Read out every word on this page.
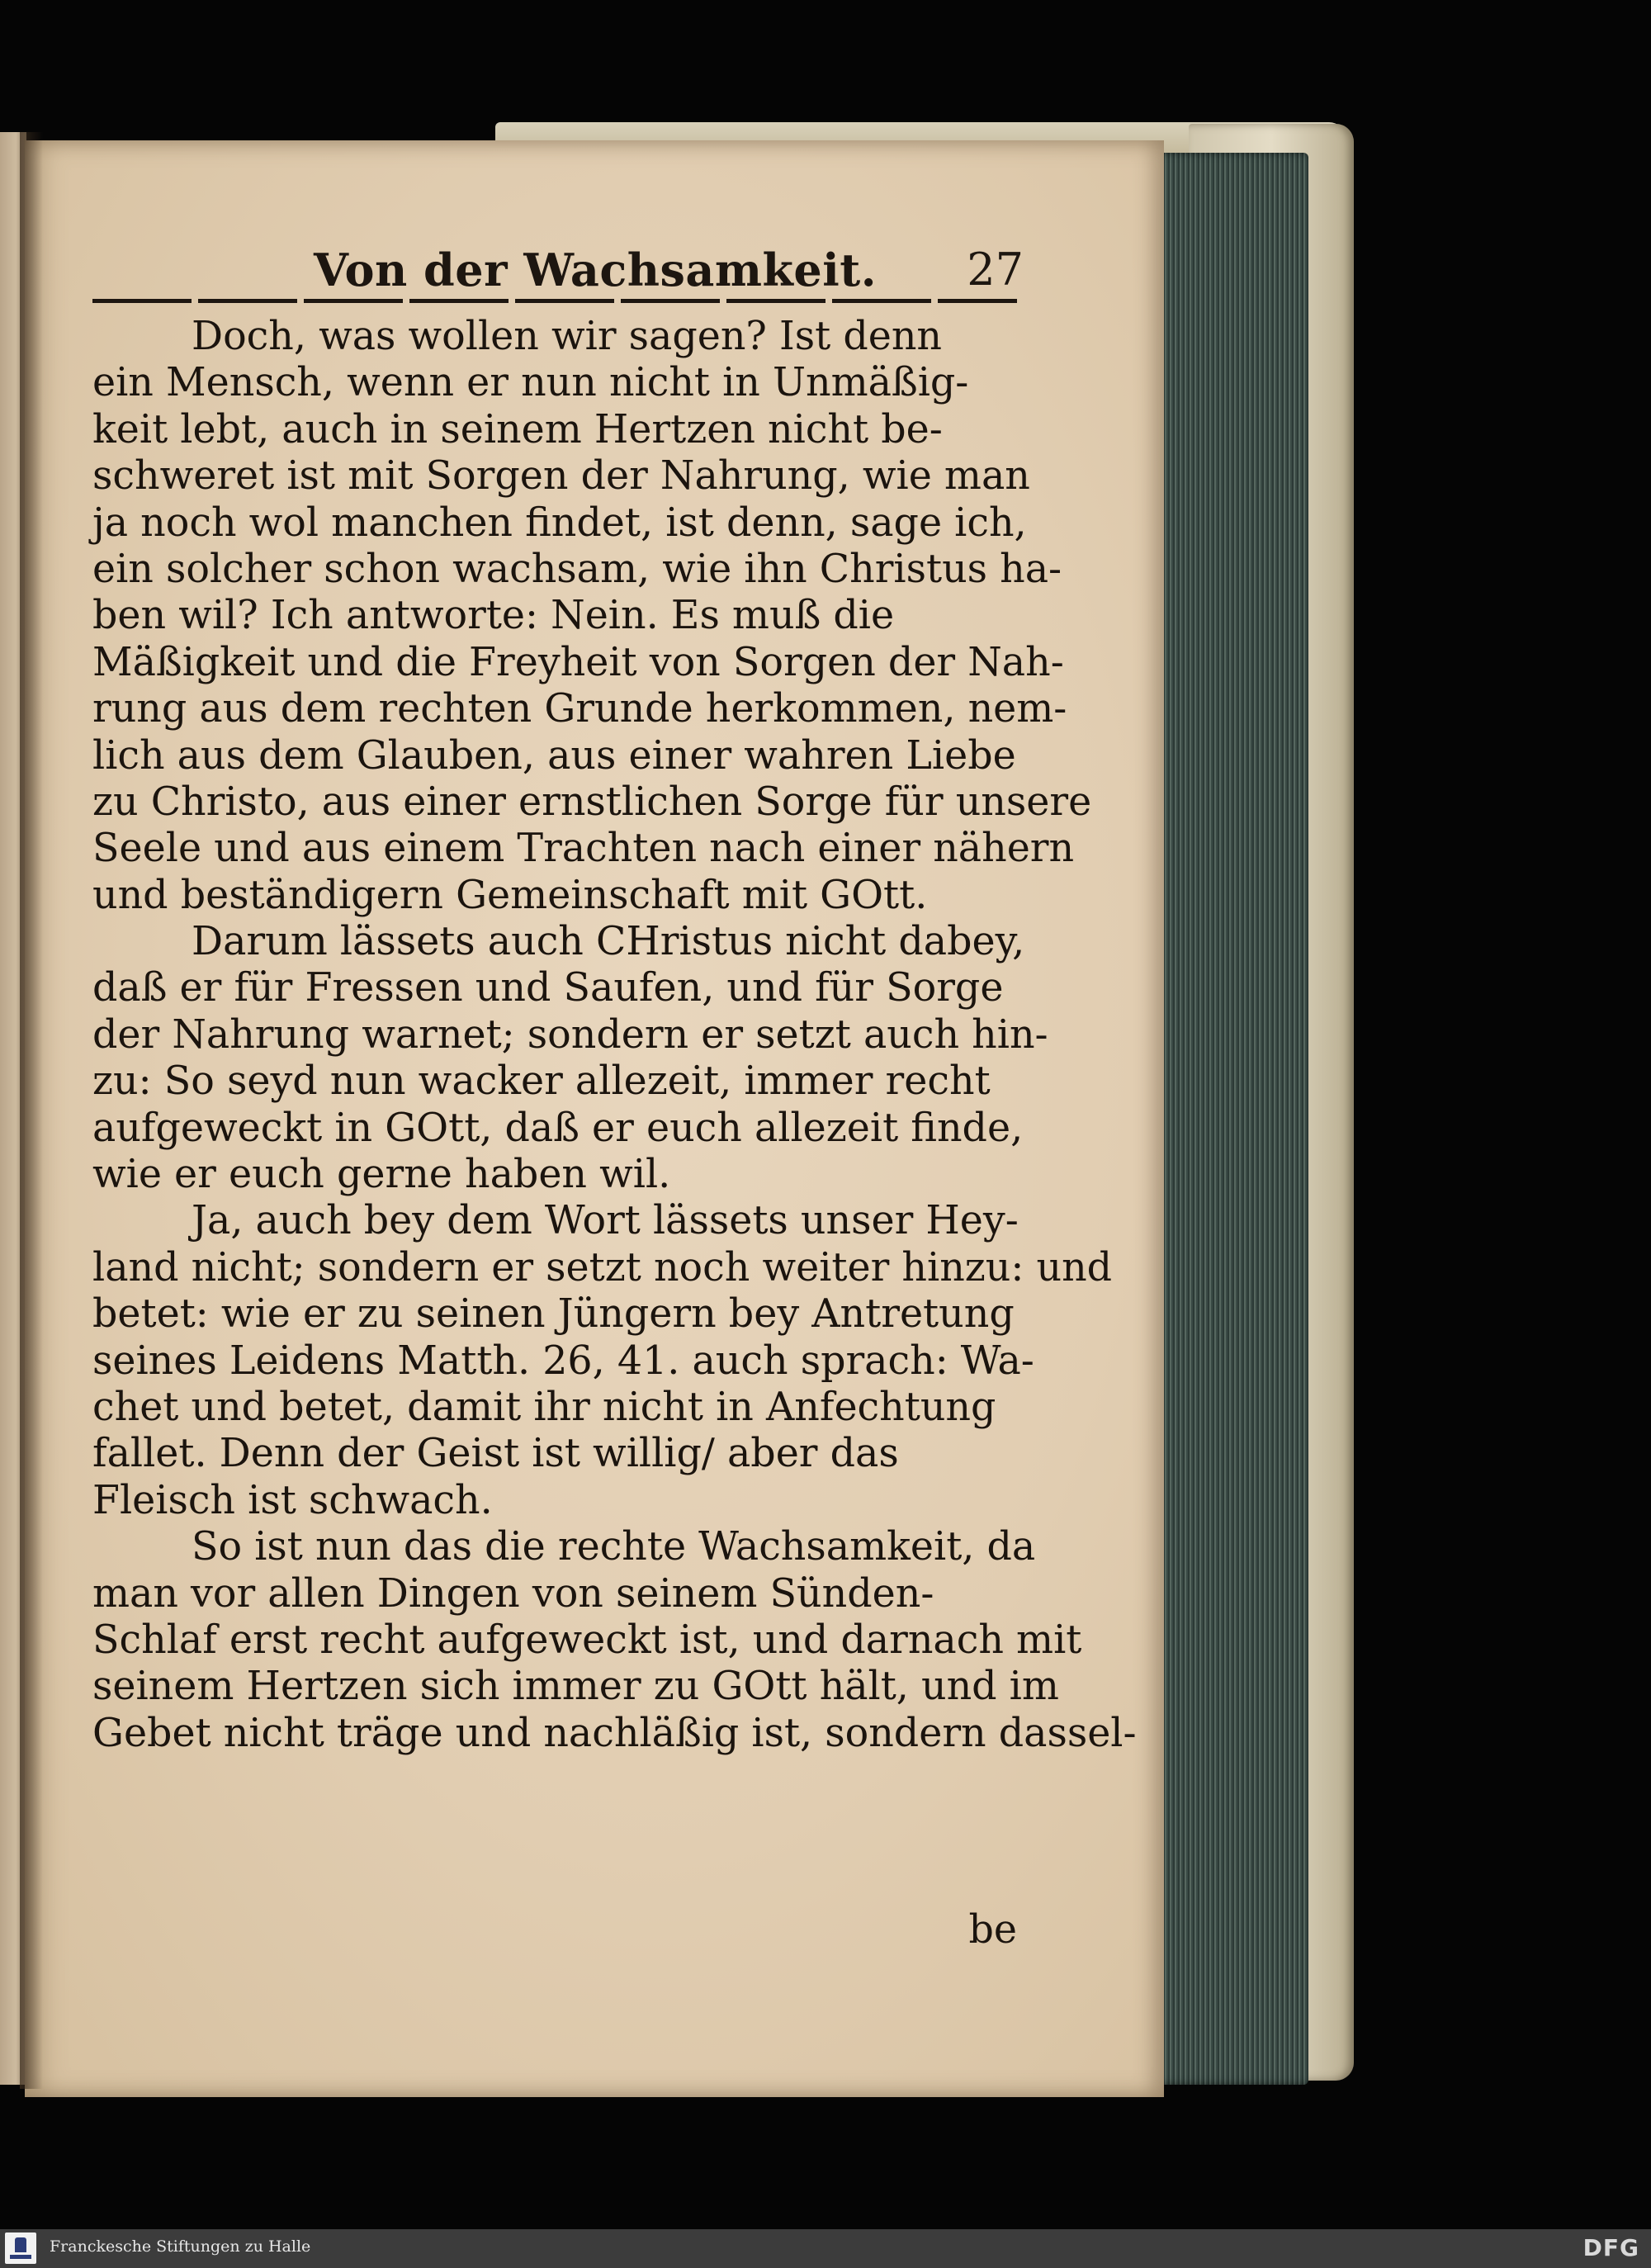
Von der Wachsamkeit. 27
Doch, was wollen wir sagen? Ist denn
ein Mensch, wenn er nun nicht in Unmäßig-
keit lebt, auch in seinem Hertzen nicht be-
schweret ist mit Sorgen der Nahrung, wie man
ja noch wol manchen findet, ist denn, sage ich,
ein solcher schon wachsam, wie ihn Christus ha-
ben wil? Ich antworte: Nein. Es muß die
Mäßigkeit und die Freyheit von Sorgen der Nah-
rung aus dem rechten Grunde herkommen, nem-
lich aus dem Glauben, aus einer wahren Liebe
zu Christo, aus einer ernstlichen Sorge für unsere
Seele und aus einem Trachten nach einer nähern
und beständigern Gemeinschaft mit GOtt.
Darum lässets auch CHristus nicht dabey,
daß er für Fressen und Saufen, und für Sorge
der Nahrung warnet; sondern er setzt auch hin-
zu: So seyd nun wacker allezeit, immer recht
aufgeweckt in GOtt, daß er euch allezeit finde,
wie er euch gerne haben wil.
Ja, auch bey dem Wort lässets unser Hey-
land nicht; sondern er setzt noch weiter hinzu: und
betet: wie er zu seinen Jüngern bey Antretung
seines Leidens Matth. 26, 41. auch sprach: Wa-
chet und betet, damit ihr nicht in Anfechtung
fallet. Denn der Geist ist willig/ aber das
Fleisch ist schwach.
So ist nun das die rechte Wachsamkeit, da
man vor allen Dingen von seinem Sünden-
Schlaf erst recht aufgeweckt ist, und darnach mit
seinem Hertzen sich immer zu GOtt hält, und im
Gebet nicht träge und nachläßig ist, sondern dassel-
be
Franckesche Stiftungen zu Halle	DFG
